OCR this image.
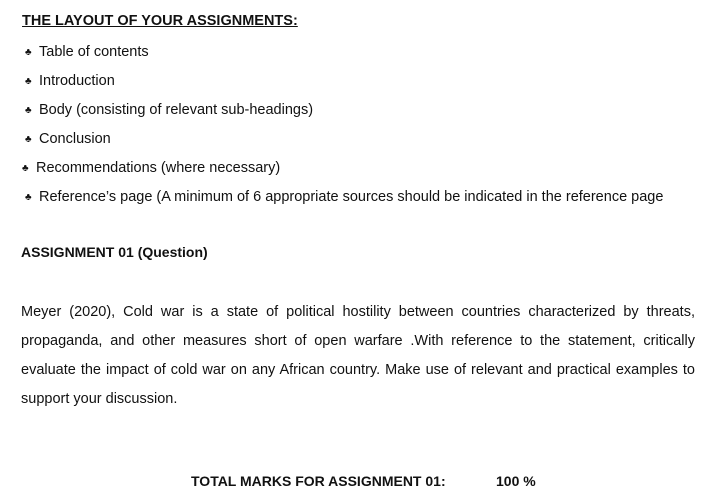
THE LAYOUT OF YOUR ASSIGNMENTS:
♣ Table of contents
♣ Introduction
♣ Body (consisting of relevant sub-headings)
♣ Conclusion
♣ Recommendations (where necessary)
♣ Reference’s page (A minimum of 6 appropriate sources should be indicated in the reference page
ASSIGNMENT 01 (Question)

Meyer (2020), Cold war is a state of political hostility between countries characterized by threats, propaganda, and other measures short of open warfare .With reference to the statement, critically evaluate the impact of cold war on any African country. Make use of relevant and practical examples to support your discussion.

TOTAL MARKS FOR ASSIGNMENT 01:	100 %
